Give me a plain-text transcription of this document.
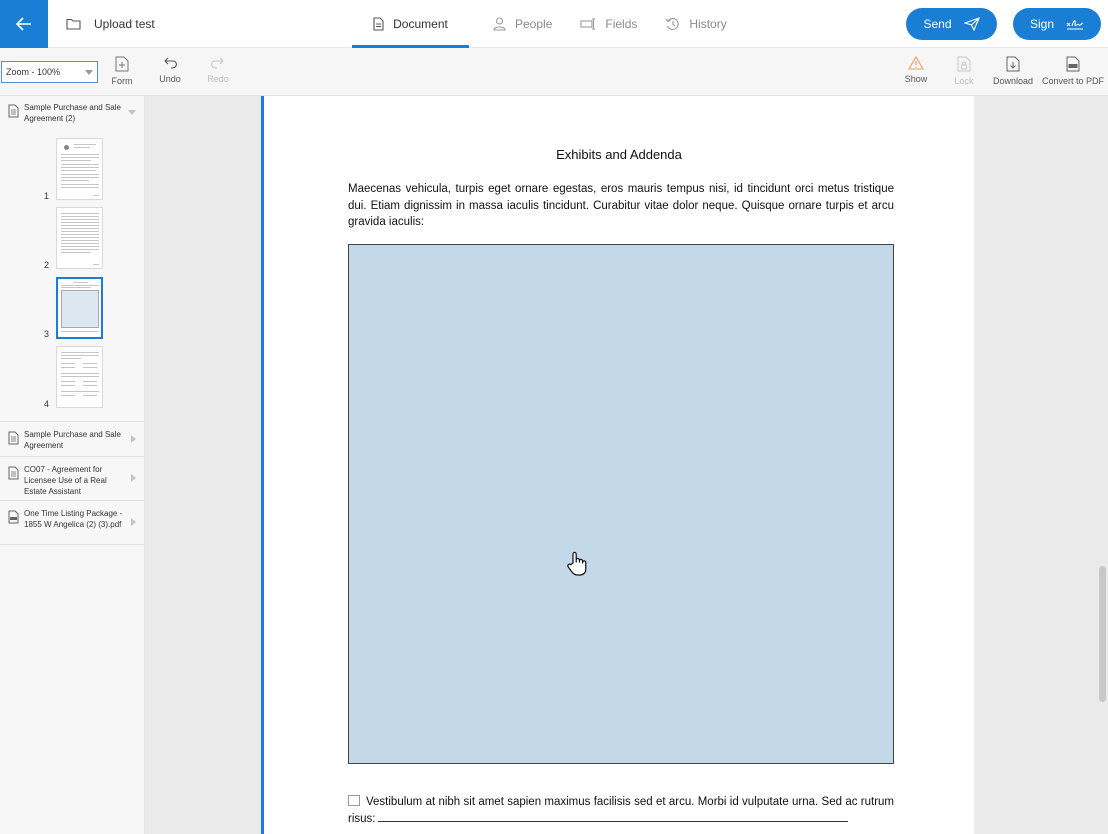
Upload test	Document	People	Fields	History	Send	Sign
Zoom - 100%
Form	Undo	Redo	Show	Lock Download Convert to PDF
Sample Purchase and Sale Agreement (2)
1
2
3
4
Sample Purchase and Sale Agreement
CO07 - Agreement for Licensee Use of a Real Estate Assistant
One Time Listing Package - 1855 W Angelica (2) (3).pdf
Exhibits and Addenda
Maecenas vehicula, turpis eget ornare egestas, eros mauris tempus nisi, id tincidunt orci metus tristique dui. Etiam dignissim in massa iaculis tincidunt. Curabitur vitae dolor neque. Quisque ornare turpis et arcu gravida iaculis:
Vestibulum at nibh sit amet sapien maximus facilisis sed et arcu. Morbi id vulputate urna. Sed ac rutrum risus:
